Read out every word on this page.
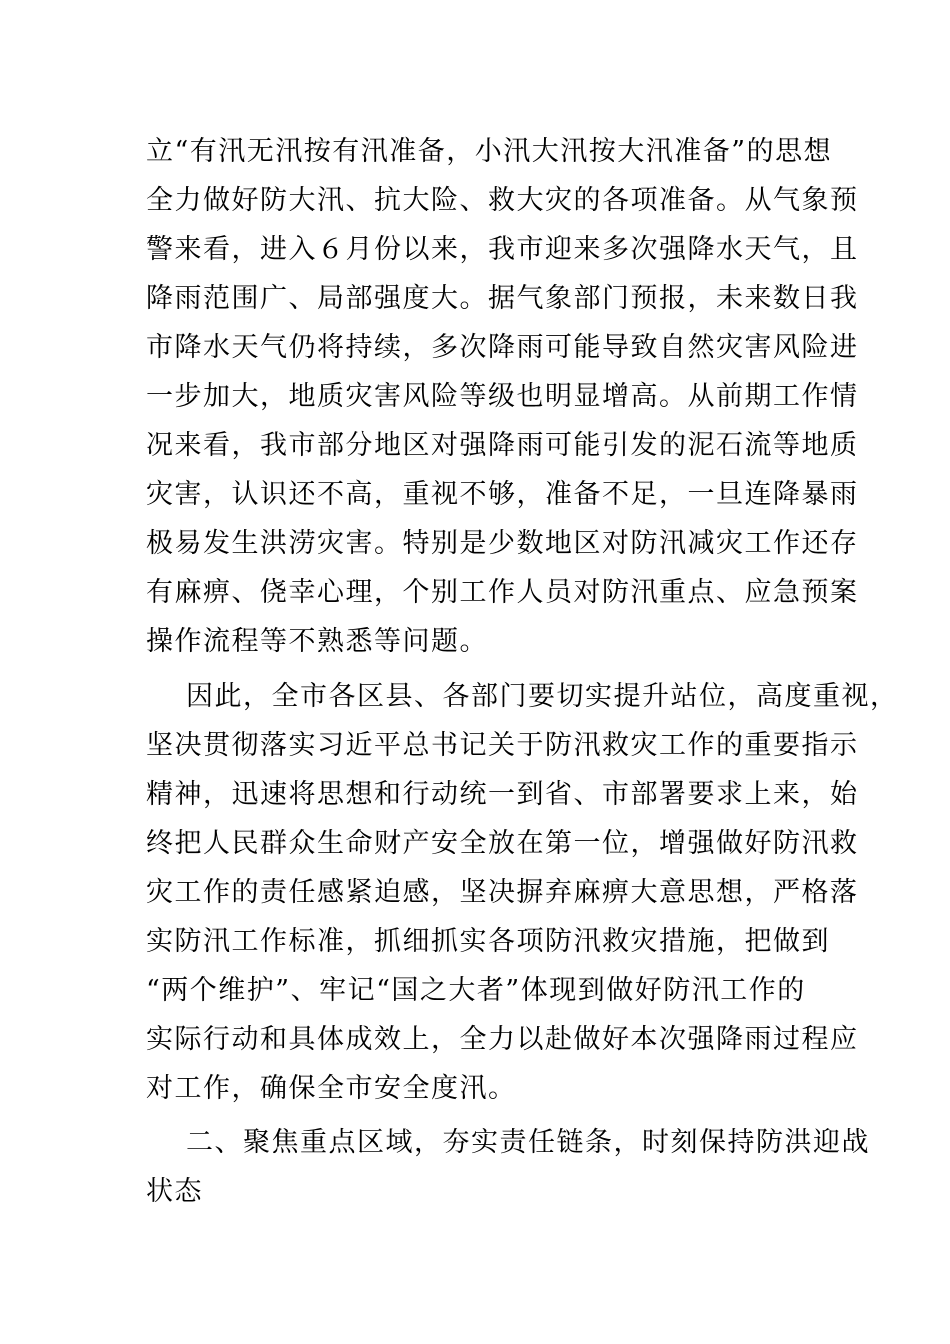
立“有汛无汛按有汛准备，小汛大汛按大汛准备”的思想
全力做好防大汛、抗大险、救大灾的各项准备。从气象预
警来看，进入６月份以来，我市迎来多次强降水天气，且
降雨范围广、局部强度大。据气象部门预报，未来数日我
市降水天气仍将持续，多次降雨可能导致自然灾害风险进
一步加大，地质灾害风险等级也明显增高。从前期工作情
况来看，我市部分地区对强降雨可能引发的泥石流等地质
灾害，认识还不高，重视不够，准备不足，一旦连降暴雨
极易发生洪涝灾害。特别是少数地区对防汛减灾工作还存
有麻痹、侥幸心理，个别工作人员对防汛重点、应急预案
操作流程等不熟悉等问题。
因此，全市各区县、各部门要切实提升站位，高度重视，
坚决贯彻落实习近平总书记关于防汛救灾工作的重要指示
精神，迅速将思想和行动统一到省、市部署要求上来，始
终把人民群众生命财产安全放在第一位，增强做好防汛救
灾工作的责任感紧迫感，坚决摒弃麻痹大意思想，严格落
实防汛工作标准，抓细抓实各项防汛救灾措施，把做到
“两个维护”、牢记“国之大者”体现到做好防汛工作的
实际行动和具体成效上，全力以赴做好本次强降雨过程应
对工作，确保全市安全度汛。
二、聚焦重点区域，夯实责任链条，时刻保持防洪迎战
状态
